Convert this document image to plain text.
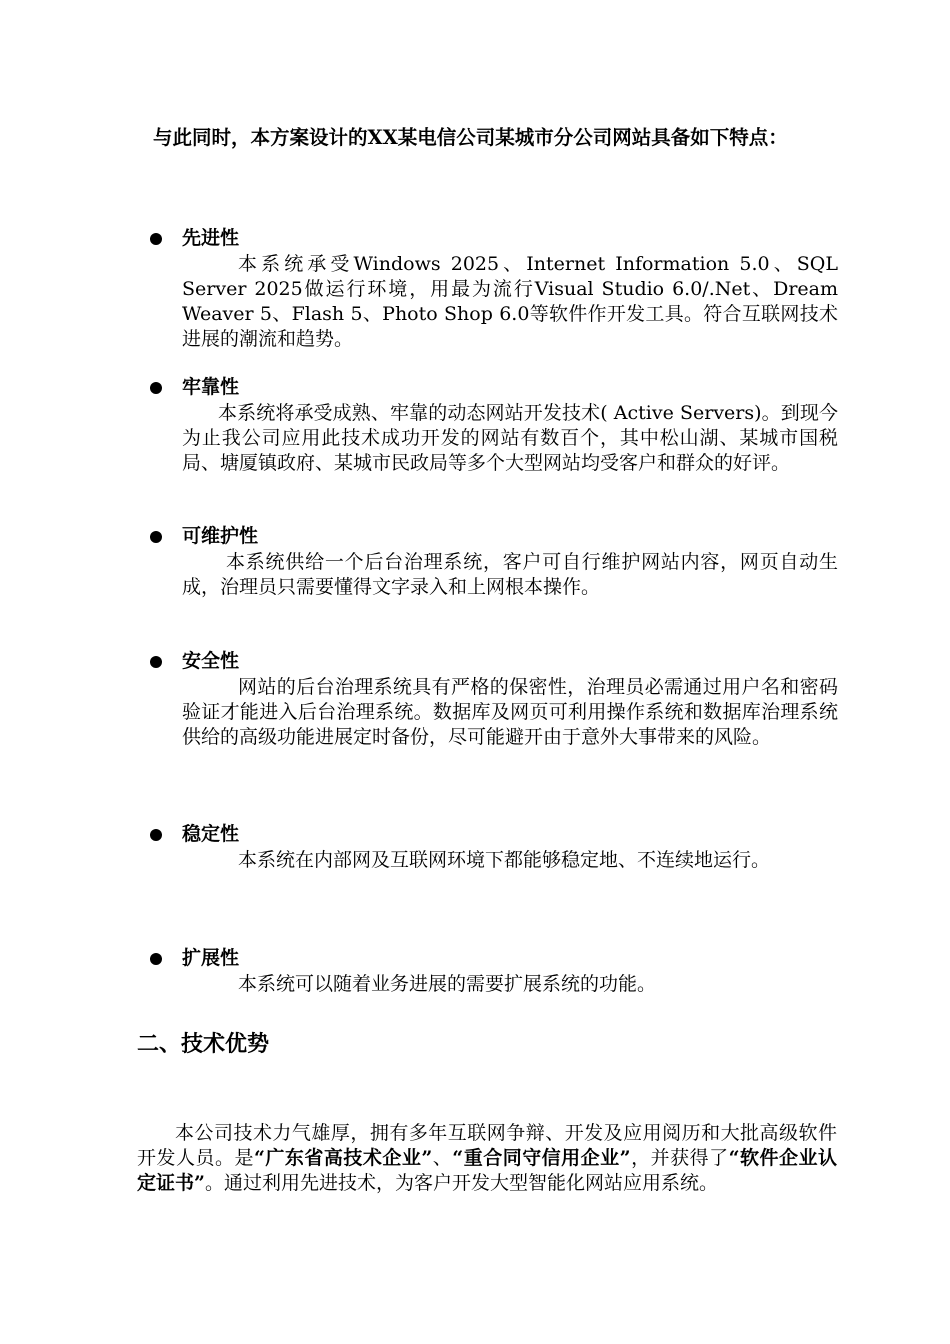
与此同时，本方案设计的XX某电信公司某城市分公司网站具备如下特点：

先进性

本系统承受Windows 2025、Internet Information 5.0、SQL Server 2025做运行环境，用最为流行Visual Studio 6.0/.Net、Dream Weaver 5、Flash 5、Photo Shop 6.0等软件作开发工具。符合互联网技术进展的潮流和趋势。

牢靠性

本系统将承受成熟、牢靠的动态网站开发技术( Active Servers)。到现今为止我公司应用此技术成功开发的网站有数百个，其中松山湖、某城市国税局、塘厦镇政府、某城市民政局等多个大型网站均受客户和群众的好评。

可维护性

本系统供给一个后台治理系统，客户可自行维护网站内容，网页自动生成，治理员只需要懂得文字录入和上网根本操作。

安全性

网站的后台治理系统具有严格的保密性，治理员必需通过用户名和密码验证才能进入后台治理系统。数据库及网页可利用操作系统和数据库治理系统供给的高级功能进展定时备份，尽可能避开由于意外大事带来的风险。

稳定性

本系统在内部网及互联网环境下都能够稳定地、不连续地运行。

扩展性

本系统可以随着业务进展的需要扩展系统的功能。

二、技术优势

本公司技术力气雄厚，拥有多年互联网争辩、开发及应用阅历和大批高级软件开发人员。是“广东省高技术企业”、“重合同守信用企业”，并获得了“软件企业认定证书”。通过利用先进技术，为客户开发大型智能化网站应用系统。
